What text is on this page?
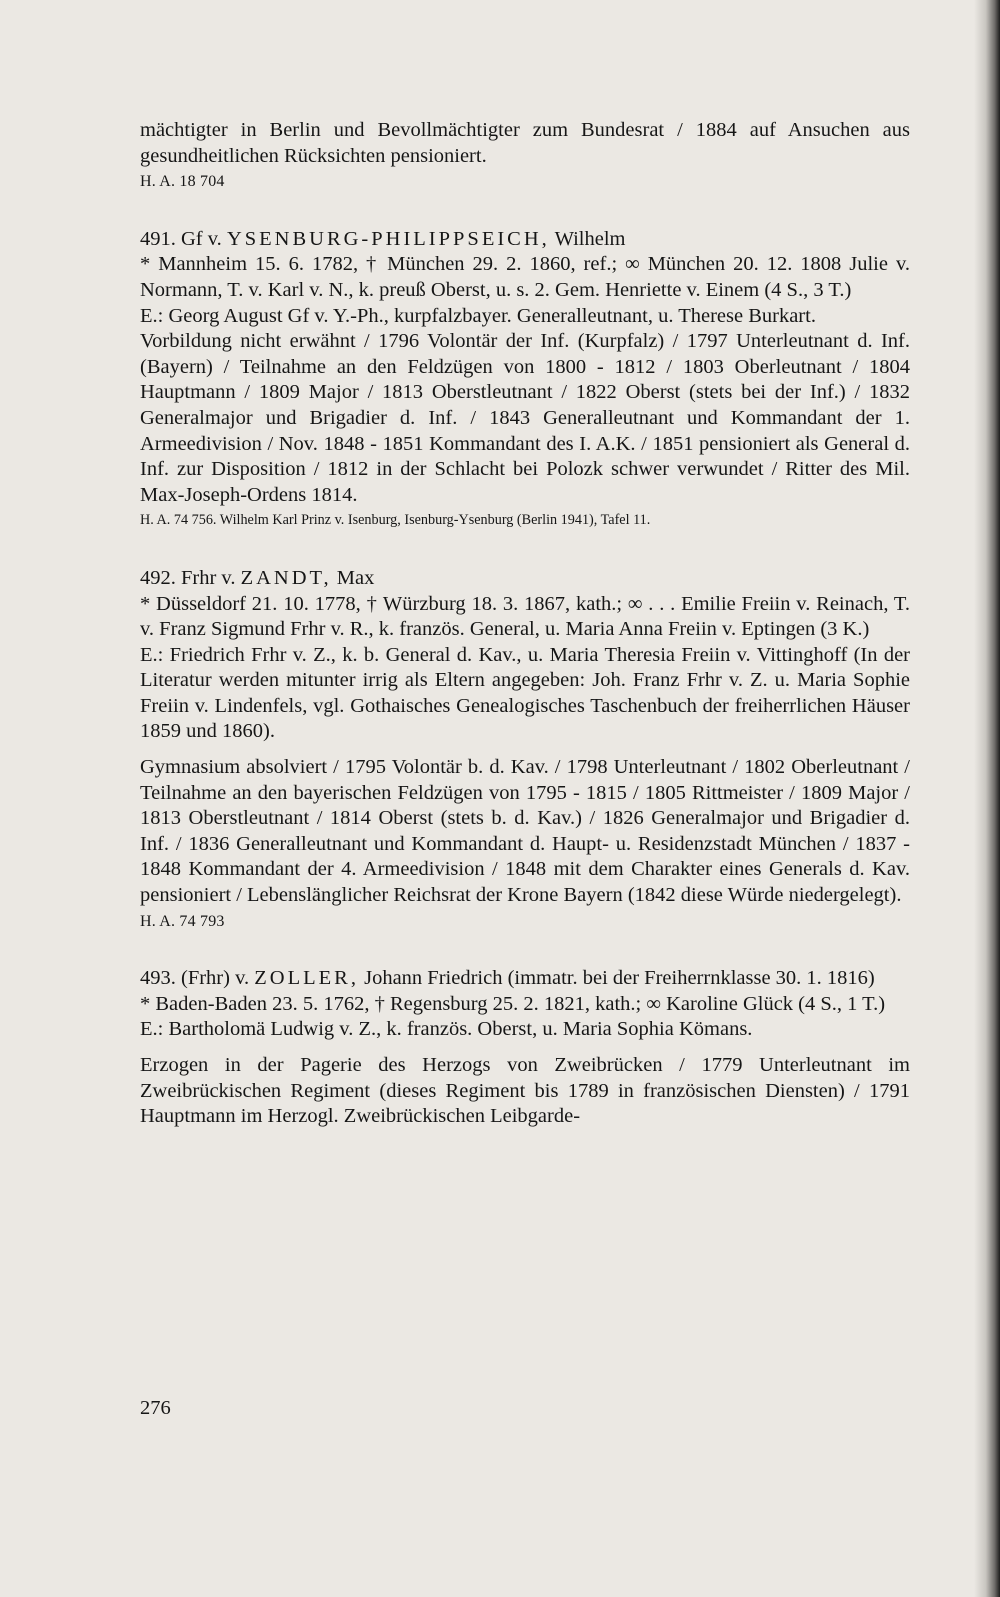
mächtigter in Berlin und Bevollmächtigter zum Bundesrat / 1884 auf Ansuchen aus gesundheitlichen Rücksichten pensioniert.

H. A. 18 704

491. Gf v. YSENBURG-PHILIPPSEICH, Wilhelm

* Mannheim 15. 6. 1782, † München 29. 2. 1860, ref.; ∞ München 20. 12. 1808 Julie v. Normann, T. v. Karl v. N., k. preuß Oberst, u. s. 2. Gem. Henriette v. Einem (4 S., 3 T.)

E.: Georg August Gf v. Y.-Ph., kurpfalzbayer. Generalleutnant, u. Therese Burkart.

Vorbildung nicht erwähnt / 1796 Volontär der Inf. (Kurpfalz) / 1797 Unterleutnant d. Inf. (Bayern) / Teilnahme an den Feldzügen von 1800 - 1812 / 1803 Oberleutnant / 1804 Hauptmann / 1809 Major / 1813 Oberstleutnant / 1822 Oberst (stets bei der Inf.) / 1832 Generalmajor und Brigadier d. Inf. / 1843 Generalleutnant und Kommandant der 1. Armeedivision / Nov. 1848 - 1851 Kommandant des I. A.K. / 1851 pensioniert als General d. Inf. zur Disposition / 1812 in der Schlacht bei Polozk schwer verwundet / Ritter des Mil. Max-Joseph-Ordens 1814.

H. A. 74 756. Wilhelm Karl Prinz v. Isenburg, Isenburg-Ysenburg (Berlin 1941), Tafel 11.

492. Frhr v. ZANDT, Max

* Düsseldorf 21. 10. 1778, † Würzburg 18. 3. 1867, kath.; ∞ . . . Emilie Freiin v. Reinach, T. v. Franz Sigmund Frhr v. R., k. französ. General, u. Maria Anna Freiin v. Eptingen (3 K.)

E.: Friedrich Frhr v. Z., k. b. General d. Kav., u. Maria Theresia Freiin v. Vittinghoff (In der Literatur werden mitunter irrig als Eltern angegeben: Joh. Franz Frhr v. Z. u. Maria Sophie Freiin v. Lindenfels, vgl. Gothaisches Genealogisches Taschenbuch der freiherrlichen Häuser 1859 und 1860).

Gymnasium absolviert / 1795 Volontär b. d. Kav. / 1798 Unterleutnant / 1802 Oberleutnant / Teilnahme an den bayerischen Feldzügen von 1795 - 1815 / 1805 Rittmeister / 1809 Major / 1813 Oberstleutnant / 1814 Oberst (stets b. d. Kav.) / 1826 Generalmajor und Brigadier d. Inf. / 1836 Generalleutnant und Kommandant d. Haupt- u. Residenzstadt München / 1837 - 1848 Kommandant der 4. Armeedivision / 1848 mit dem Charakter eines Generals d. Kav. pensioniert / Lebenslänglicher Reichsrat der Krone Bayern (1842 diese Würde niedergelegt).

H. A. 74 793

493. (Frhr) v. ZOLLER, Johann Friedrich (immatr. bei der Freiherrnklasse 30. 1. 1816)

* Baden-Baden 23. 5. 1762, † Regensburg 25. 2. 1821, kath.; ∞ Karoline Glück (4 S., 1 T.)

E.: Bartholomä Ludwig v. Z., k. französ. Oberst, u. Maria Sophia Kömans.

Erzogen in der Pagerie des Herzogs von Zweibrücken / 1779 Unterleutnant im Zweibrückischen Regiment (dieses Regiment bis 1789 in französischen Diensten) / 1791 Hauptmann im Herzogl. Zweibrückischen Leibgarde-

276
